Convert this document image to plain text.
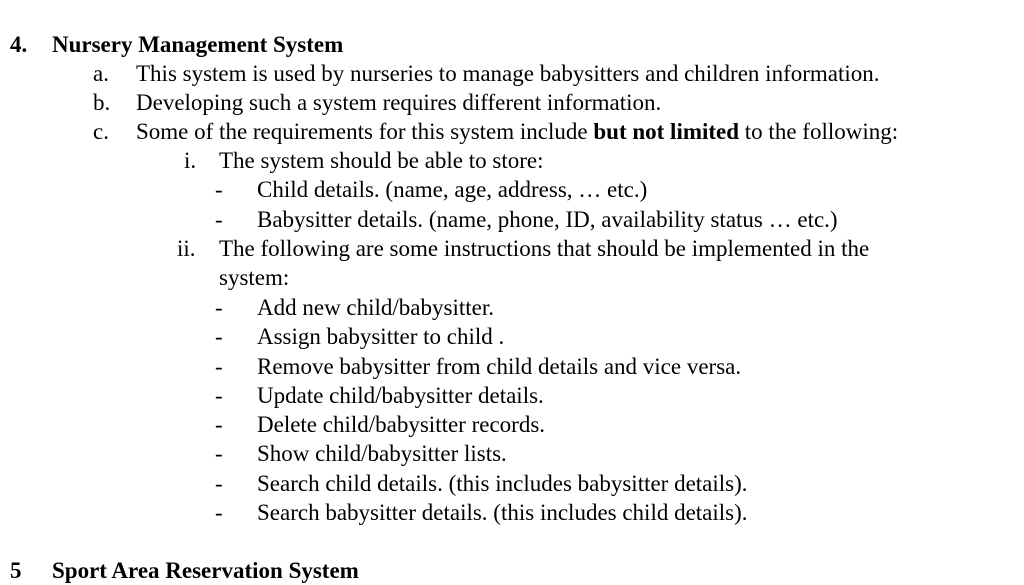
4. Nursery Management System
a. This system is used by nurseries to manage babysitters and children information.
b. Developing such a system requires different information.
c. Some of the requirements for this system include but not limited to the following:
i. The system should be able to store:
- Child details. (name, age, address, … etc.)
- Babysitter details. (name, phone, ID, availability status … etc.)
ii. The following are some instructions that should be implemented in the
system:
- Add new child/babysitter.
- Assign babysitter to child .
- Remove babysitter from child details and vice versa.
- Update child/babysitter details.
- Delete child/babysitter records.
- Show child/babysitter lists.
- Search child details. (this includes babysitter details).
- Search babysitter details. (this includes child details).
5 Sport Area Reservation System
